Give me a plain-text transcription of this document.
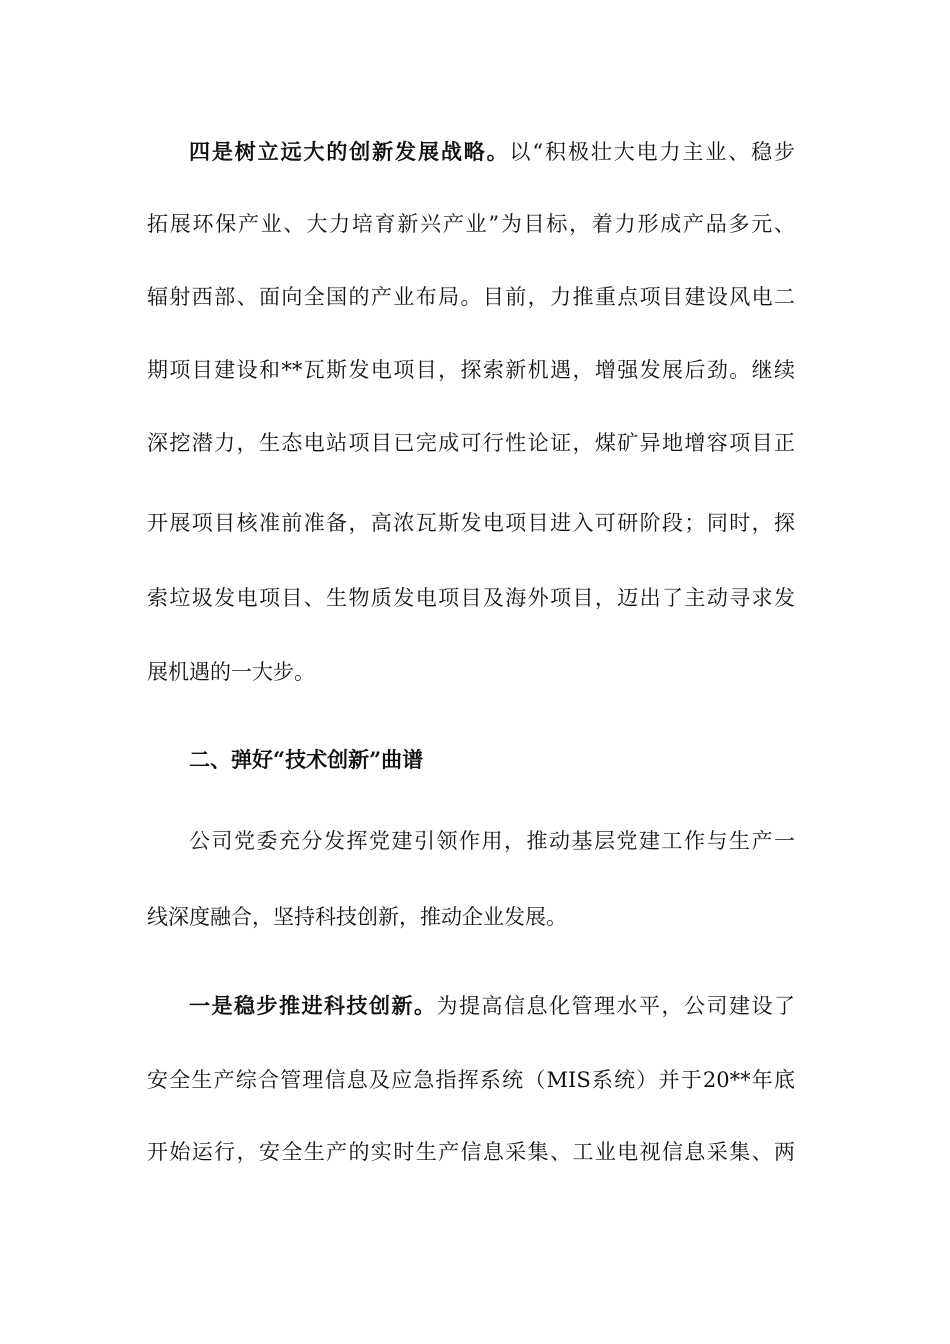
四是树立远大的创新发展战略。以“积极壮大电力主业、稳步
拓展环保产业、大力培育新兴产业”为目标，着力形成产品多元、
辐射西部、面向全国的产业布局。目前，力推重点项目建设风电二
期项目建设和**瓦斯发电项目，探索新机遇，增强发展后劲。继续
深挖潜力，生态电站项目已完成可行性论证，煤矿异地增容项目正
开展项目核准前准备，高浓瓦斯发电项目进入可研阶段；同时，探
索垃圾发电项目、生物质发电项目及海外项目，迈出了主动寻求发
展机遇的一大步。
二、弹好“技术创新”曲谱
公司党委充分发挥党建引领作用，推动基层党建工作与生产一
线深度融合，坚持科技创新，推动企业发展。
一是稳步推进科技创新。为提高信息化管理水平，公司建设了
安全生产综合管理信息及应急指挥系统（MIS系统）并于20**年底
开始运行，安全生产的实时生产信息采集、工业电视信息采集、两
